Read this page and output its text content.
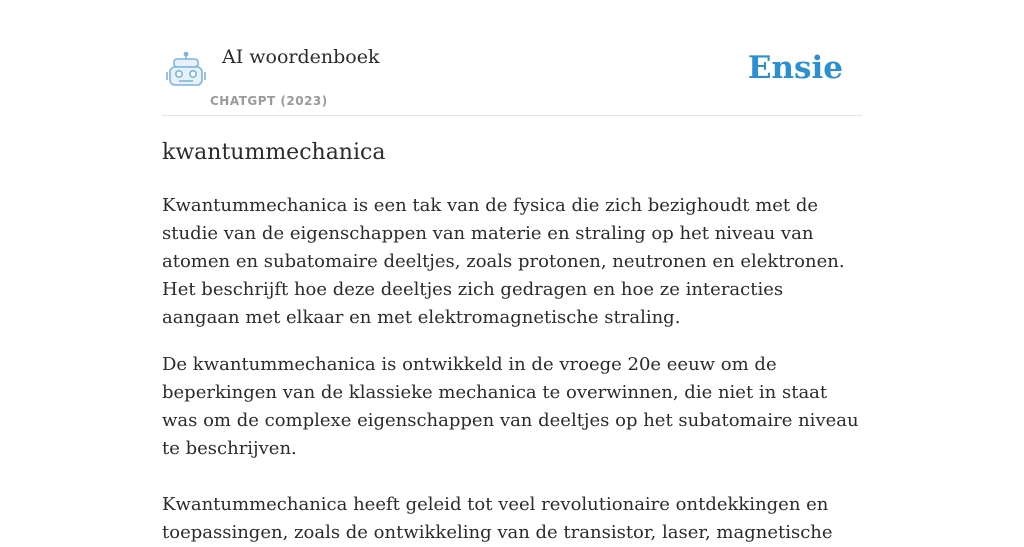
AI woordenboek
CHATGPT (2023)
Ensie
kwantummechanica

Kwantummechanica is een tak van de fysica die zich bezighoudt met de studie van de eigenschappen van materie en straling op het niveau van atomen en subatomaire deeltjes, zoals protonen, neutronen en elektronen. Het beschrijft hoe deze deeltjes zich gedragen en hoe ze interacties aangaan met elkaar en met elektromagnetische straling.

De kwantummechanica is ontwikkeld in de vroege 20e eeuw om de beperkingen van de klassieke mechanica te overwinnen, die niet in staat was om de complexe eigenschappen van deeltjes op het subatomaire niveau te beschrijven.

Kwantummechanica heeft geleid tot veel revolutionaire ontdekkingen en toepassingen, zoals de ontwikkeling van de transistor, laser, magnetische
